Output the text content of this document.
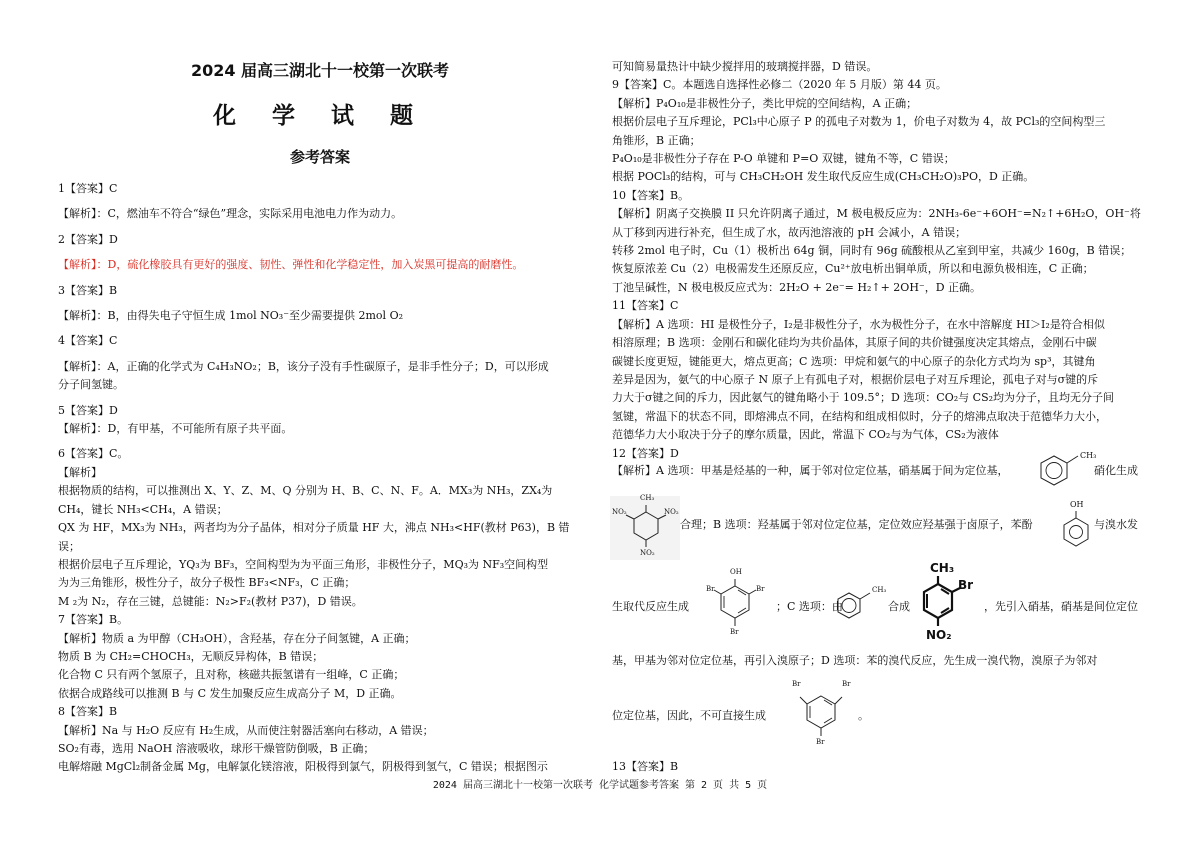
2024 届高三湖北十一校第一次联考
化 学 试 题
参考答案

1【答案】C

【解析】：C，燃油车不符合“绿色”理念，实际采用电池电力作为动力。

2【答案】D

【解析】：D，硫化橡胶具有更好的强度、韧性、弹性和化学稳定性，加入炭黑可提高的耐磨性。

3【答案】B

【解析】：B，由得失电子守恒生成 1mol NO₃⁻至少需要提供 2mol O₂

4【答案】C

【解析】：A，正确的化学式为 C₄H₃NO₂；B，该分子没有手性碳原子，是非手性分子；D，可以形成

分子间氢键。

5【答案】D

【解析】：D，有甲基，不可能所有原子共平面。

6【答案】C。

【解析】

根据物质的结构，可以推测出 X、Y、Z、M、Q 分别为 H、B、C、N、F。A．MX₃为 NH₃，ZX₄为

CH₄，键长 NH₃<CH₄，A 错误；

QX 为 HF，MX₃为 NH₃，两者均为分子晶体，相对分子质量 HF 大，沸点 NH₃<HF(教材 P63)，B 错

误；

根据价层电子互斥理论，YQ₃为 BF₃，空间构型为为平面三角形，非极性分子，MQ₃为 NF₃空间构型

为为三角锥形，极性分子，故分子极性 BF₃<NF₃，C 正确；

M ₂为 N₂，存在三键，总键能：N₂>F₂(教材 P37)，D 错误。

7【答案】B。

【解析】物质 a 为甲醇（CH₃OH），含羟基，存在分子间氢键，A 正确；

物质 B 为 CH₂=CHOCH₃，无顺反异构体，B 错误；

化合物 C 只有两个氢原子，且对称，核磁共振氢谱有一组峰，C 正确；

依据合成路线可以推测 B 与 C 发生加聚反应生成高分子 M，D 正确。

8【答案】B

【解析】Na 与 H₂O 反应有 H₂生成，从而使注射器活塞向右移动，A 错误；

SO₂有毒，选用 NaOH 溶液吸收，球形干燥管防倒吸，B 正确；

电解熔融 MgCl₂制备金属 Mg，电解氯化镁溶液，阳极得到氯气，阴极得到氢气，C 错误；根据图示

可知简易量热计中缺少搅拌用的玻璃搅拌器，D 错误。

9【答案】C。本题选自选择性必修二（2020 年 5 月版）第 44 页。

【解析】P₄O₁₀是非极性分子，类比甲烷的空间结构，A 正确；

根据价层电子互斥理论，PCl₃中心原子 P 的孤电子对数为 1，价电子对数为 4，故 PCl₃的空间构型三

角锥形，B 正确；

P₄O₁₀是非极性分子存在 P-O 单键和 P=O 双键，键角不等，C 错误；

根据 POCl₃的结构，可与 CH₃CH₂OH 发生取代反应生成(CH₃CH₂O)₃PO，D 正确。

10【答案】B。

【解析】阴离子交换膜 II 只允许阴离子通过，M 极电极反应为：2NH₃-6e⁻+6OH⁻=N₂↑+6H₂O，OH⁻将

从丁移到丙进行补充，但生成了水，故丙池溶液的 pH 会减小，A 错误；

转移 2mol 电子时，Cu（1）极析出 64g 铜，同时有 96g 硫酸根从乙室到甲室，共减少 160g，B 错误；

恢复原浓差 Cu（2）电极需发生还原反应，Cu²⁺放电析出铜单质，所以和电源负极相连，C 正确；

丁池呈碱性，N 极电极反应式为：2H₂O + 2e⁻= H₂↑+ 2OH⁻，D 正确。

11【答案】C

【解析】A 选项：HI 是极性分子，I₂是非极性分子，水为极性分子，在水中溶解度 HI＞I₂是符合相似

相溶原理；B 选项：金刚石和碳化硅均为共价晶体，其原子间的共价键强度决定其熔点，金刚石中碳

碳键长度更短，键能更大，熔点更高；C 选项：甲烷和氨气的中心原子的杂化方式均为 sp³，其键角

差异是因为，氨气的中心原子 N 原子上有孤电子对，根据价层电子对互斥理论，孤电子对与σ键的斥

力大于σ键之间的斥力，因此氨气的键角略小于 109.5°；D 选项：CO₂与 CS₂均为分子，且均无分子间

氢键，常温下的状态不同，即熔沸点不同，在结构和组成相似时，分子的熔沸点取决于范德华力大小，

范德华力大小取决于分子的摩尔质量，因此，常温下 CO₂与为气体，CS₂为液体

12【答案】D

【解析】A 选项：甲基是烃基的一种，属于邻对位定位基，硝基属于间为定位基，
CH₃
硝化生成
CH₃
NO₂	NO₂
NO₂
合理；B 选项：羟基属于邻对位定位基，定位效应羟基强于卤原子，苯酚
OH
与溴水发
生取代反应生成
OH
Br	Br
Br
；C 选项：由
CH₃
合成
CH₃
Br
NO₂
，先引入硝基，硝基是间位定位
基，甲基为邻对位定位基，再引入溴原子；D 选项：苯的溴代反应，先生成一溴代物，溴原子为邻对
位定位基，因此，不可直接生成
Br	Br
Br
。
13【答案】B
2024 届高三湖北十一校第一次联考 化学试题参考答案 第 2 页 共 5 页
